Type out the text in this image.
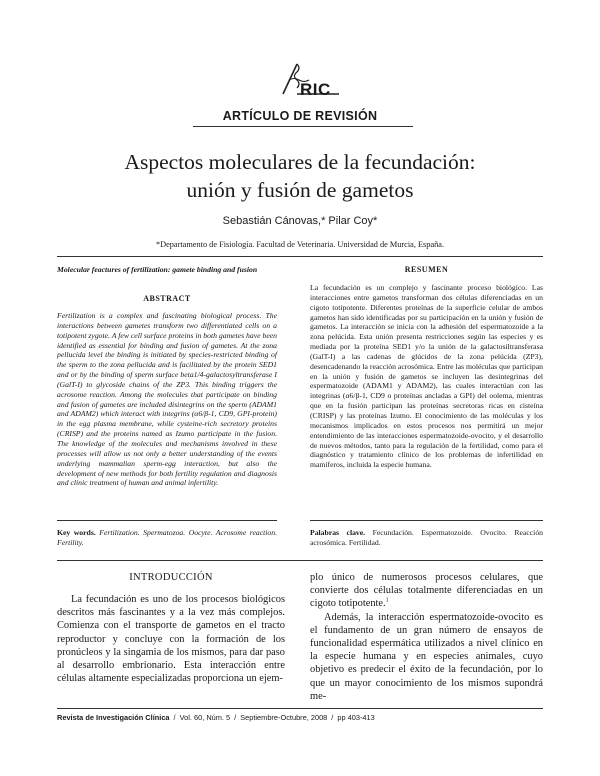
RIC
ARTÍCULO DE REVISIÓN
Aspectos moleculares de la fecundación:
unión y fusión de gametos
Sebastián Cánovas,* Pilar Coy*
*Departamento de Fisiología. Facultad de Veterinaria. Universidad de Murcia, España.
Molecular feactures of fertilization: gamete binding and fusion
ABSTRACT
Fertilization is a complex and fascinating biological process. The interactions between gametes transform two differentiated cells on a totipotent zygote. A few cell surface proteins in both gametes have been identified as essential for binding and fusion of gametes. At the zona pellucida level the binding is initiated by species-restricted binding of the sperm to the zona pellucida and is facilitated by the protein SED1 and or by the binding of sperm surface beta1/4-galactosyltransferase I (GalT-I) to glycoside chains of the ZP3. This binding triggers the acrosome reaction. Among the molecules that participate on binding and fusion of gametes are included disintegrins on the sperm (ADAM1 and ADAM2) which interact with integrins (α6/β-1, CD9, GPI-protein) in the egg plasma membrane, while cysteine-rich secretory proteins (CRISP) and the proteins named as Izumo participate in the fusion. The knowledge of the molecules and mechanisms involved in these processes will allow us not only a better understanding of the events underlying mammalian sperm-egg interaction, but also the development of new methods for both fertility regulation and diagnosis and clinic treatment of human and animal infertility.
Key words. Fertilization. Spermatozoa. Oocyte. Acrosome reaction. Fertility.
RESUMEN
La fecundación es un complejo y fascinante proceso biológico. Las interacciones entre gametos transforman dos células diferenciadas en un cigoto totipotente. Diferentes proteínas de la superficie celular de ambos gametos han sido identificadas por su participación en la unión y fusión de gametos. La interacción se inicia con la adhesión del espermatozoide a la zona pelúcida. Esta unión presenta restricciones según las especies y es mediada por la proteína SED1 y/o la unión de la galactosiltransferasa (GalT-I) a las cadenas de glúcidos de la zona pelúcida (ZP3), desencadenando la reacción acrosómica. Entre las moléculas que participan en la unión y fusión de gametos se incluyen las desintegrinas del espermatozoide (ADAM1 y ADAM2), las cuales interactúan con las integrinas (α6/β-1, CD9 o proteínas ancladas a GPI) del oolema, mientras que en la fusión participan las proteínas secretoras ricas en cisteína (CRISP) y las proteínas Izumo. El conocimiento de las moléculas y los mecanismos implicados en estos procesos nos permitirá un mejor entendimiento de las interacciones espermatozoide-ovocito, y el desarrollo de nuevos métodos, tanto para la regulación de la fertilidad, como para el diagnóstico y tratamiento clínico de los problemas de infertilidad en mamíferos, incluida la especie humana.
Palabras clave. Fecundación. Espermatozoide. Ovocito. Reacción acrosómica. Fertilidad.
INTRODUCCIÓN

La fecundación es uno de los procesos biológicos descritos más fascinantes y a la vez más complejos. Comienza con el transporte de gametos en el tracto reproductor y concluye con la formación de los pronúcleos y la singamia de los mismos, para dar paso al desarrollo embrionario. Esta interacción entre células altamente especializadas proporciona un ejem-

plo único de numerosos procesos celulares, que convierte dos células totalmente diferenciadas en un cigoto totipotente.$^1$

Además, la interacción espermatozoide-ovocito es el fundamento de un gran número de ensayos de funcionalidad espermática utilizados a nivel clínico en la especie humana y en especies animales, cuyo objetivo es predecir el éxito de la fecundación, por lo que un mayor conocimiento de los mismos supondrá me-

Revista de Investigación Clínica / Vol. 60, Núm. 5 / Septiembre-Octubre, 2008 / pp 403-413
